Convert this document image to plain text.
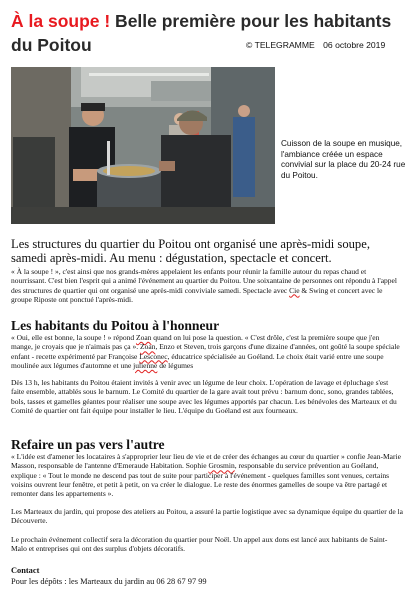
À la soupe ! Belle première pour les habitants du Poitou	© TELEGRAMME 06 octobre 2019
Cuisson de la soupe en musique, l'ambiance créée un espace convivial sur la place du 20-24 rue du Poitou.
Les structures du quartier du Poitou ont organisé une après-midi soupe, samedi après-midi. Au menu : dégustation, spectacle et concert.
« À la soupe ! », c'est ainsi que nos grands-mères appelaient les enfants pour réunir la famille autour du repas chaud et nourrissant. C'est bien l'esprit qui a animé l'événement au quartier du Poitou. Une soixantaine de personnes ont répondu à l'appel des structures de quartier qui ont organisé une après-midi conviviale samedi. Spectacle avec Cie & Swing et concert avec le groupe Riposte ont ponctué l'après-midi.
Les habitants du Poitou à l'honneur
« Oui, elle est bonne, la soupe ! » répond Zoan quand on lui pose la question. « C'est drôle, c'est la première soupe que j'en mange, je croyais que je n'aimais pas ça ». Zoan, Enzo et Steven, trois garçons d'une dizaine d'années, ont goûté la soupe spéciale enfant - recette expérimenté par Françoise Lesconec, éducatrice spécialisée au Goéland. Le choix était varié entre une soupe moulinée aux légumes d'automne et une julienne de légumes
Dès 13 h, les habitants du Poitou étaient invités à venir avec un légume de leur choix. L'opération de lavage et épluchage s'est faite ensemble, attablés sous le barnum. Le Comité du quartier de la gare avait tout prévu : barnum donc, sono, grandes tablées, bols, tasses et gamelles géantes pour réaliser une soupe avec les légumes apportés par chacun. Les bénévoles des Marteaux et du Comité de quartier ont fait équipe pour installer le lieu. L'équipe du Goéland est aux fourneaux.
Refaire un pas vers l'autre
« L'idée est d'amener les locataires à s'approprier leur lieu de vie et de créer des échanges au cœur du quartier » confie Jean-Marie Masson, responsable de l'antenne d'Emeraude Habitation. Sophie Grosmin, responsable du service prévention au Goéland, explique : « Tout le monde ne descend pas tout de suite pour participer à l'événement - quelques familles sont venues, certains voisins ouvrent leur fenêtre, et petit à petit, on va créer le dialogue. Le reste des énormes gamelles de soupe va être partagé et remonter dans les appartements ».
Les Marteaux du jardin, qui propose des ateliers au Poitou, a assuré la partie logistique avec sa dynamique équipe du quartier de la Découverte.
Le prochain événement collectif sera la décoration du quartier pour Noël. Un appel aux dons est lancé aux habitants de Saint-Malo et entreprises qui ont des surplus d'objets décoratifs.
Contact
Pour les dépôts : les Marteaux du jardin au 06 28 67 97 99
